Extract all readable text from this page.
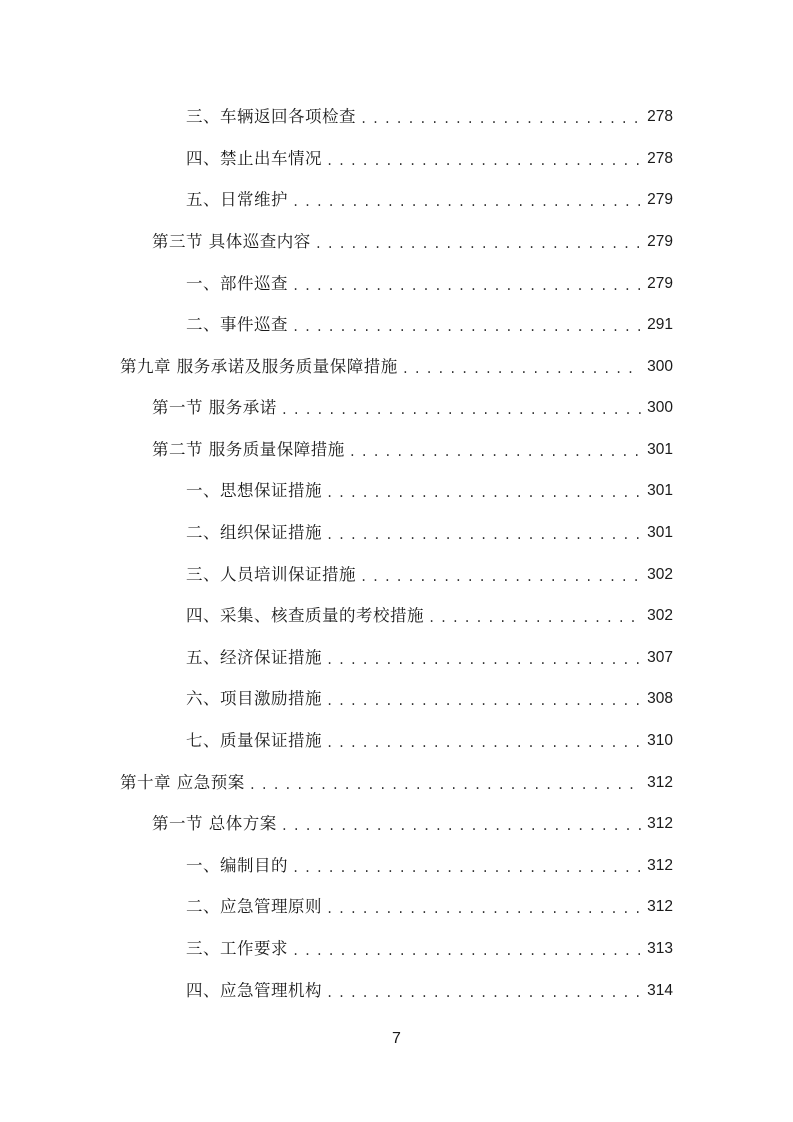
三、车辆返回各项检查 . . .	278
四、禁止出车情况 . . .	278
五、日常维护 . . .	279
第三节 具体巡查内容 . . .	279
一、部件巡查 . . .	279
二、事件巡查 . . .	291
第九章 服务承诺及服务质量保障措施 . . .	300
第一节 服务承诺 . . .	300
第二节 服务质量保障措施 . . .	301
一、思想保证措施 . . .	301
二、组织保证措施 . . .	301
三、人员培训保证措施 . . .	302
四、采集、核查质量的考校措施 . . .	302
五、经济保证措施 . . .	307
六、项目激励措施 . . .	308
七、质量保证措施 . . .	310
第十章 应急预案 . . .	312
第一节 总体方案 . . .	312
一、编制目的 . . .	312
二、应急管理原则 . . .	312
三、工作要求 . . .	313
四、应急管理机构 . . .	314
7
